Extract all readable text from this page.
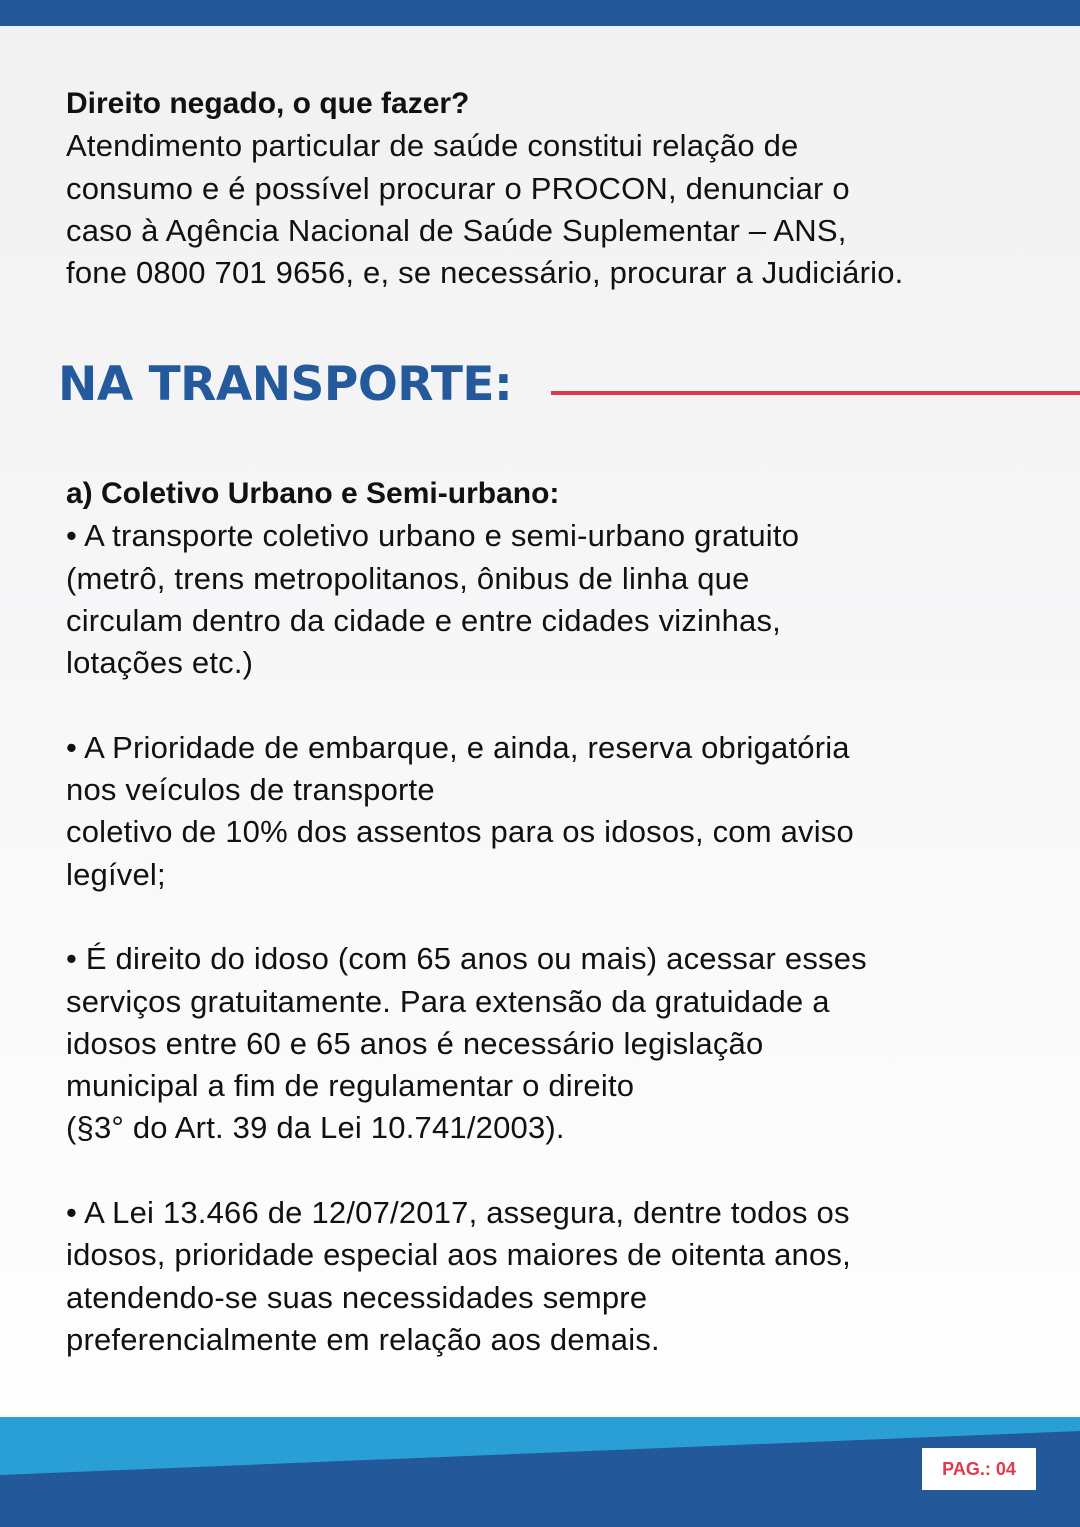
Direito negado, o que fazer?

Atendimento particular de saúde constitui relação de

consumo e é possível procurar o PROCON, denunciar o

caso à Agência Nacional de Saúde Suplementar – ANS,

fone 0800 701 9656, e, se necessário, procurar a Judiciário.

NA TRANSPORTE:

a) Coletivo Urbano e Semi-urbano:

• A transporte coletivo urbano e semi-urbano gratuito

(metrô, trens metropolitanos, ônibus de linha que

circulam dentro da cidade e entre cidades vizinhas,

lotações etc.)

• A Prioridade de embarque, e ainda, reserva obrigatória

nos veículos de transporte

coletivo de 10% dos assentos para os idosos, com aviso

legível;

• É direito do idoso (com 65 anos ou mais) acessar esses

serviços gratuitamente. Para extensão da gratuidade a

idosos entre 60 e 65 anos é necessário legislação

municipal a fim de regulamentar o direito

(§3° do Art. 39 da Lei 10.741/2003).

• A Lei 13.466 de 12/07/2017, assegura, dentre todos os

idosos, prioridade especial aos maiores de oitenta anos,

atendendo-se suas necessidades sempre

preferencialmente em relação aos demais.

PAG.: 04
